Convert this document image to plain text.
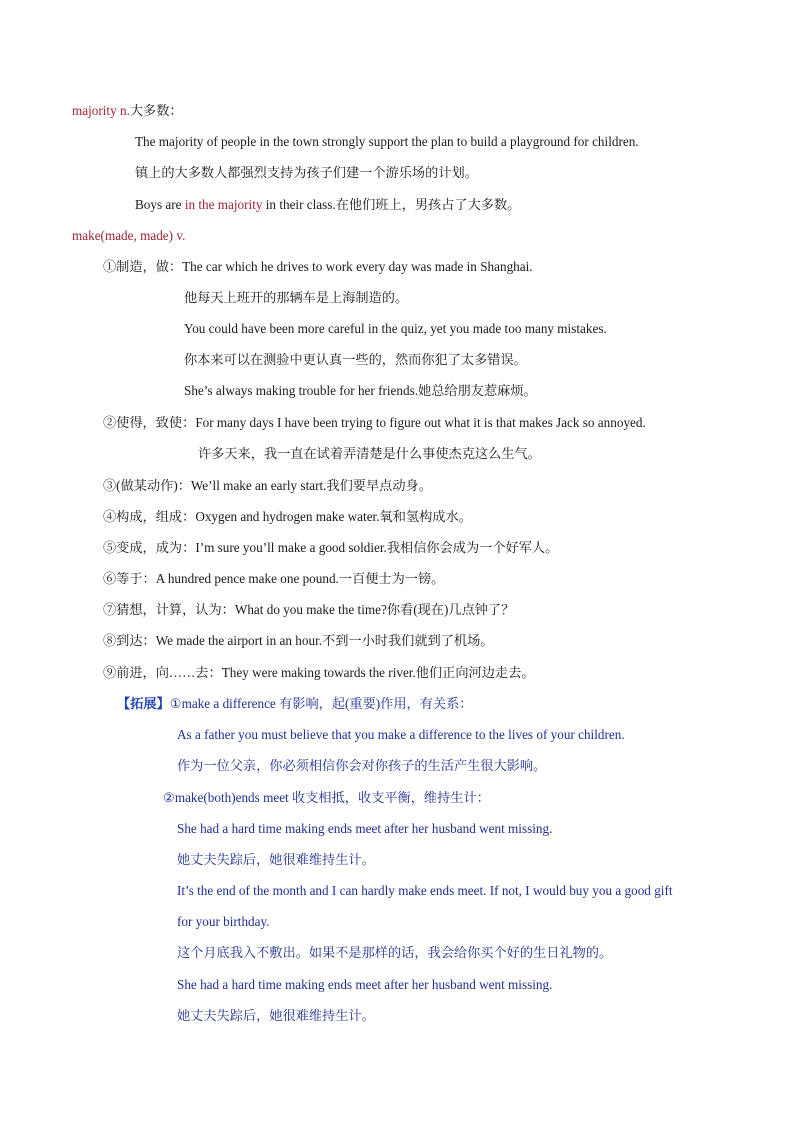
majority n.大多数：
The majority of people in the town strongly support the plan to build a playground for children.
镇上的大多数人都强烈支持为孩子们建一个游乐场的计划。
Boys are in the majority in their class.在他们班上，男孩占了大多数。
make(made, made) v.
①制造，做：The car which he drives to work every day was made in Shanghai.
他每天上班开的那辆车是上海制造的。
You could have been more careful in the quiz, yet you made too many mistakes.
你本来可以在测验中更认真一些的，然而你犯了太多错误。
She’s always making trouble for her friends.她总给朋友惹麻烦。
②使得，致使：For many days I have been trying to figure out what it is that makes Jack so annoyed.
许多天来，我一直在试着弄清楚是什么事使杰克这么生气。
③(做某动作)：We’ll make an early start.我们要早点动身。
④构成，组成：Oxygen and hydrogen make water.氧和氢构成水。
⑤变成，成为：I’m sure you’ll make a good soldier.我相信你会成为一个好军人。
⑥等于：A hundred pence make one pound.一百便士为一镑。
⑦猜想，计算，认为：What do you make the time?你看(现在)几点钟了？
⑧到达：We made the airport in an hour.不到一小时我们就到了机场。
⑨前进，向……去：They were making towards the river.他们正向河边走去。
【拓展】①make a difference 有影响，起(重要)作用，有关系：
As a father you must believe that you make a difference to the lives of your children.
作为一位父亲，你必须相信你会对你孩子的生活产生很大影响。
②make(both)ends meet 收支相抵，收支平衡，维持生计：
She had a hard time making ends meet after her husband went missing.
她丈夫失踪后，她很难维持生计。
It’s the end of the month and I can hardly make ends meet. If not, I would buy you a good gift
for your birthday.
这个月底我入不敷出。如果不是那样的话，我会给你买个好的生日礼物的。
She had a hard time making ends meet after her husband went missing.
她丈夫失踪后，她很难维持生计。
